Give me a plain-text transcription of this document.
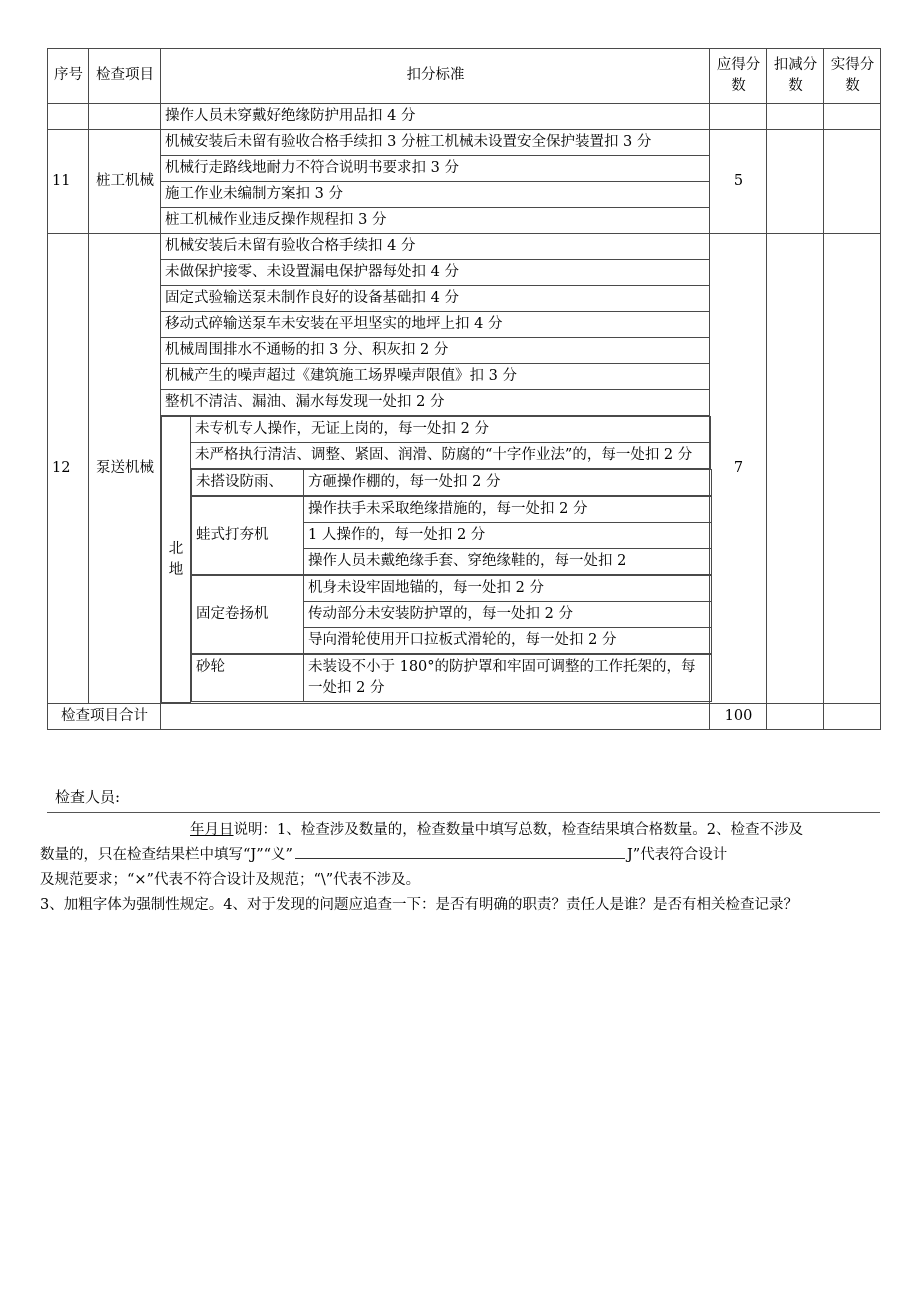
序号	检查项目	扣分标准	应得分数	扣减分数	实得分数
		操作人员未穿戴好绝缘防护用品扣 4 分			
11	桩工机械	机械安装后未留有验收合格手续扣 3 分桩工机械未设置安全保护装置扣 3 分	5		
机械行走路线地耐力不符合说明书要求扣 3 分
施工作业未编制方案扣 3 分
桩工机械作业违反操作规程扣 3 分
12	泵送机械	机械安装后未留有验收合格手续扣 4 分	7		
未做保护接零、未设置漏电保护器每处扣 4 分
固定式验输送泵未制作良好的设备基础扣 4 分
移动式碎输送泵车未安装在平坦坚实的地坪上扣 4 分
机械周围排水不通畅的扣 3 分、积灰扣 2 分
机械产生的噪声超过《建筑施工场界噪声限值》扣 3 分
整机不清洁、漏油、漏水每发现一处扣 2 分

北地	未专机专人操作，无证上岗的，每一处扣 2 分
未严格执行清洁、调整、紧固、润滑、防腐的“十字作业法”的，每一处扣 2 分

未搭设防雨、	方砸操作棚的，每一处扣 2 分

蛙式打夯机	操作扶手未采取绝缘措施的，每一处扣 2 分
1 人操作的，每一处扣 2 分
操作人员未戴绝缘手套、穿绝缘鞋的，每一处扣 2

固定卷扬机	机身未设牢固地锚的，每一处扣 2 分
传动部分未安装防护罩的，每一处扣 2 分
导向滑轮使用开口拉板式滑轮的，每一处扣 2 分

砂轮	未装设不小于 180°的防护罩和牢固可调整的工作托架的，每一处扣 2 分

检查项目合计		100		
检查人员:

年月日说明：1、检查涉及数量的，检查数量中填写总数，检查结果填合格数量。2、检查不涉及

数量的，只在检查结果栏中填写“J”“义”	J”代表符合设计

及规范要求；“×”代表不符合设计及规范；“\”代表不涉及。

3、加粗字体为强制性规定。4、对于发现的问题应追查一下：是否有明确的职责？责任人是谁？是否有相关检查记录？
